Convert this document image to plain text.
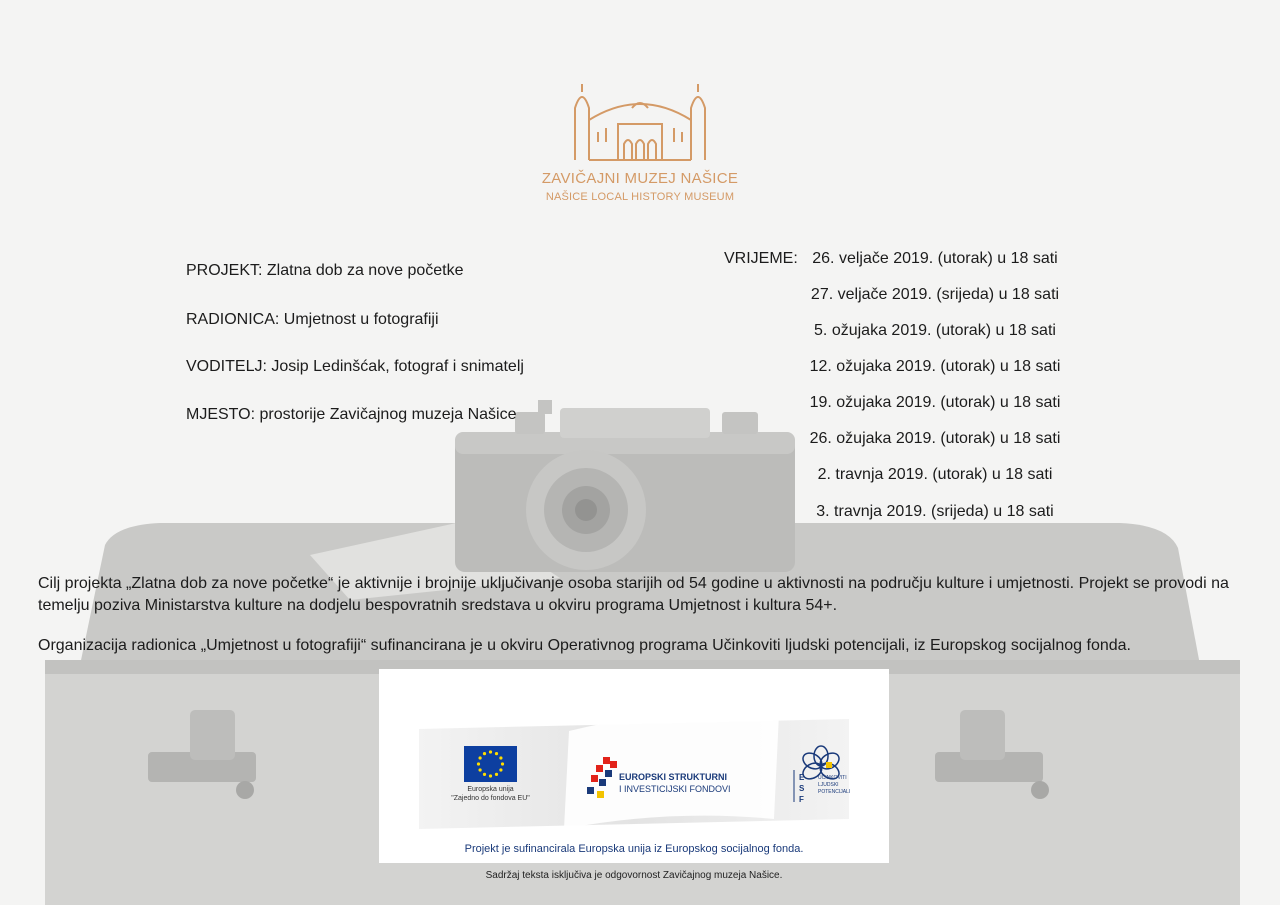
ZAVIČAJNI MUZEJ NAŠICE
NAŠICE LOCAL HISTORY MUSEUM
PROJEKT: Zlatna dob za nove početke
RADIONICA: Umjetnost u fotografiji
VODITELJ: Josip Ledinšćak, fotograf i snimatelj
MJESTO: prostorije Zavičajnog muzeja Našice
VRIJEME: 26. veljače 2019. (utorak) u 18 sati
27. veljače 2019. (srijeda) u 18 sati
5. ožujaka 2019. (utorak) u 18 sati
12. ožujaka 2019. (utorak) u 18 sati
19. ožujaka 2019. (utorak) u 18 sati
26. ožujaka 2019. (utorak) u 18 sati
2. travnja 2019. (utorak) u 18 sati
3. travnja 2019. (srijeda) u 18 sati
Cilj projekta „Zlatna dob za nove početke“ je aktivnije i brojnije uključivanje osoba starijih od 54 godine u aktivnosti na području kulture i umjetnosti. Projekt se provodi na temelju poziva Ministarstva kulture na dodjelu bespovratnih sredstava u okviru programa Umjetnost i kultura 54+.
Organizacija radionica „Umjetnost u fotografiji“ sufinancirana je u okviru Operativnog programa Učinkoviti ljudski potencijali, iz Europskog socijalnog fonda.
Europska unija
"Zajedno do fondova EU"
EUROPSKI STRUKTURNI
I INVESTICIJSKI FONDOVI
ESF
UČINKOVITI LJUDSKI POTENCIJALI
Projekt je sufinancirala Europska unija iz Europskog socijalnog fonda.
Sadržaj teksta isključiva je odgovornost Zavičajnog muzeja Našice.
